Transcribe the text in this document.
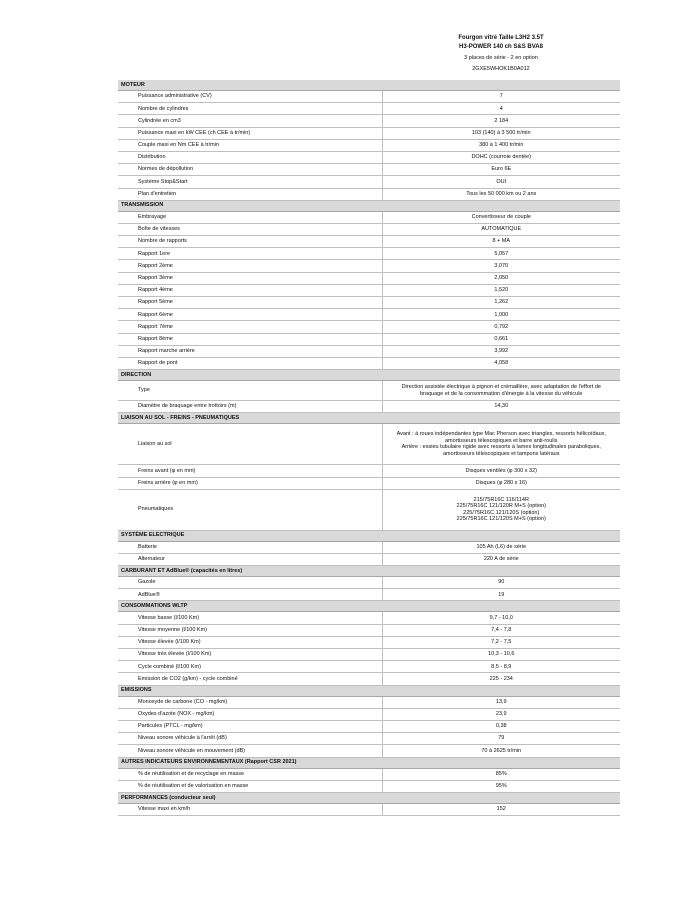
Fourgon vitré Taille L3H2 3.5T
H3-POWER 140 ch S&S BVA8
3 places de série - 2 en option
2GXE5WHOK1B0A012
MOTEUR	
Puissance administrative (CV)	7
Nombre de cylindres	4
Cylindrée en cm3	2 184
Puissance maxi en kW CEE (ch CEE à tr/min)	103 (140) à 3 500 tr/min
Couple maxi en Nm CEE à tr/min	380 à 1 400 tr/min
Distribution	DOHC (courroie dentée)
Normes de dépollution	Euro 6E
Système Stop&Start	OUI
Plan d'entretien	Tous les 50 000 km ou 2 ans
TRANSMISSION	
Embrayage	Convertisseur de couple
Boîte de vitesses	AUTOMATIQUE
Nombre de rapports	8 + MA
Rapport 1ere	5,057
Rapport 2ème	3,070
Rapport 3ème	2,050
Rapport 4ème	1,520
Rapport 5ème	1,262
Rapport 6ème	1,000
Rapport 7ème	0,792
Rapport 8ème	0,661
Rapport marche arrière	3,992
Rapport de pont	4,058
DIRECTION	
Type	Direction assistée électrique à pignon et crémaillère, avec adaptation de l'effort de
braquage et de la consommation d'énergie à la vitesse du véhicule
Diamètre de braquage entre trottoirs (m)	14,30
LIAISON AU SOL - FREINS - PNEUMATIQUES	
Liaison au sol	Avant : à roues indépendantes type Mac Pherson avec triangles, ressorts hélicoïdaux,
amortisseurs télescopiques et barre anti-roulis
Arrière : essieu tubulaire rigide avec ressorts à lames longitudinales paraboliques,
amortisseurs télescopiques et tampons latéraux
Freins avant (φ en mm)	Disques ventilés (φ 300 x 32)
Freins arrière (φ en mm)	Disques (φ 280 x 16)
Pneumatiques	215/75R16C 116/114R
225/75R16C 121/120R M+S (option)
225/75R16C 121/120S (option)
225/75R16C 121/120S M+S (option)
SYSTÈME ELECTRIQUE	
Batterie	105 Ah (L6) de série
Alternateur	220 A de série
CARBURANT ET AdBlue® (capacités en litres)	
Gazole	90
AdBlue®	19
CONSOMMATIONS WLTP	
Vitesse basse (l/100 Km)	9,7 - 10,0
Vitesse moyenne (l/100 Km)	7,4 - 7,8
Vitesse élevée (l/100 Km)	7,2 - 7,5
Vitesse très élevée (l/100 Km)	10,3 - 10,6
Cycle combiné (l/100 Km)	8,5 - 8,9
Emission de CO2 (g/km) - cycle combiné	225 - 234
EMISSIONS	
Monoxyde de carbone (CO - mg/km)	13,9
Oxydes d'azote (NOX - mg/km)	23,9
Particules (PTCL - mg/km)	0,38
Niveau sonore véhicule à l'arrêt (dB)	79
Niveau sonore véhicule en mouvement (dB)	70 à 2625 tr/min
AUTRES INDICATEURS ENVIRONNEMENTAUX (Rapport CSR 2021)	
% de réutilisation et de recyclage en masse	85%
% de réutilisation et de valorisation en masse	95%
PERFORMANCES (conducteur seul)	
Vitesse maxi en km/h	152
